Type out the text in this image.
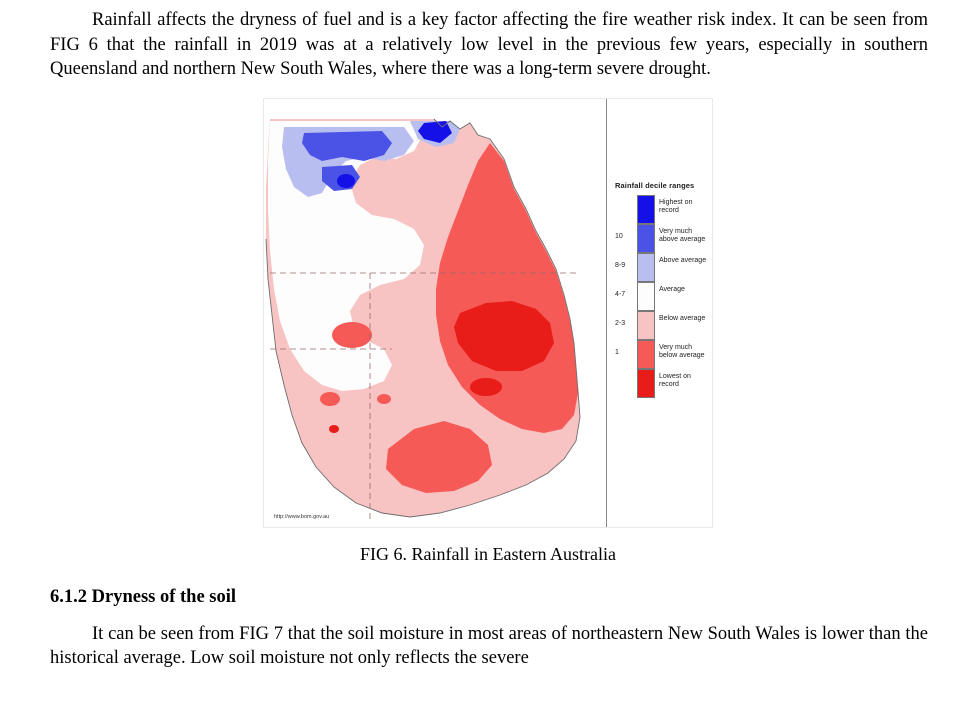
Rainfall affects the dryness of fuel and is a key factor affecting the fire weather risk index. It can be seen from FIG 6 that the rainfall in 2019 was at a relatively low level in the previous few years, especially in southern Queensland and northern New South Wales, where there was a long-term severe drought.

http://www.bom.gov.au
Rainfall decile ranges
Highest on record
10
Very much above average
8-9
Above average
4-7
Average
2-3
Below average
1
Very much below average
Lowest on record
FIG 6. Rainfall in Eastern Australia
6.1.2 Dryness of the soil

It can be seen from FIG 7 that the soil moisture in most areas of northeastern New South Wales is lower than the historical average. Low soil moisture not only reflects the severe
